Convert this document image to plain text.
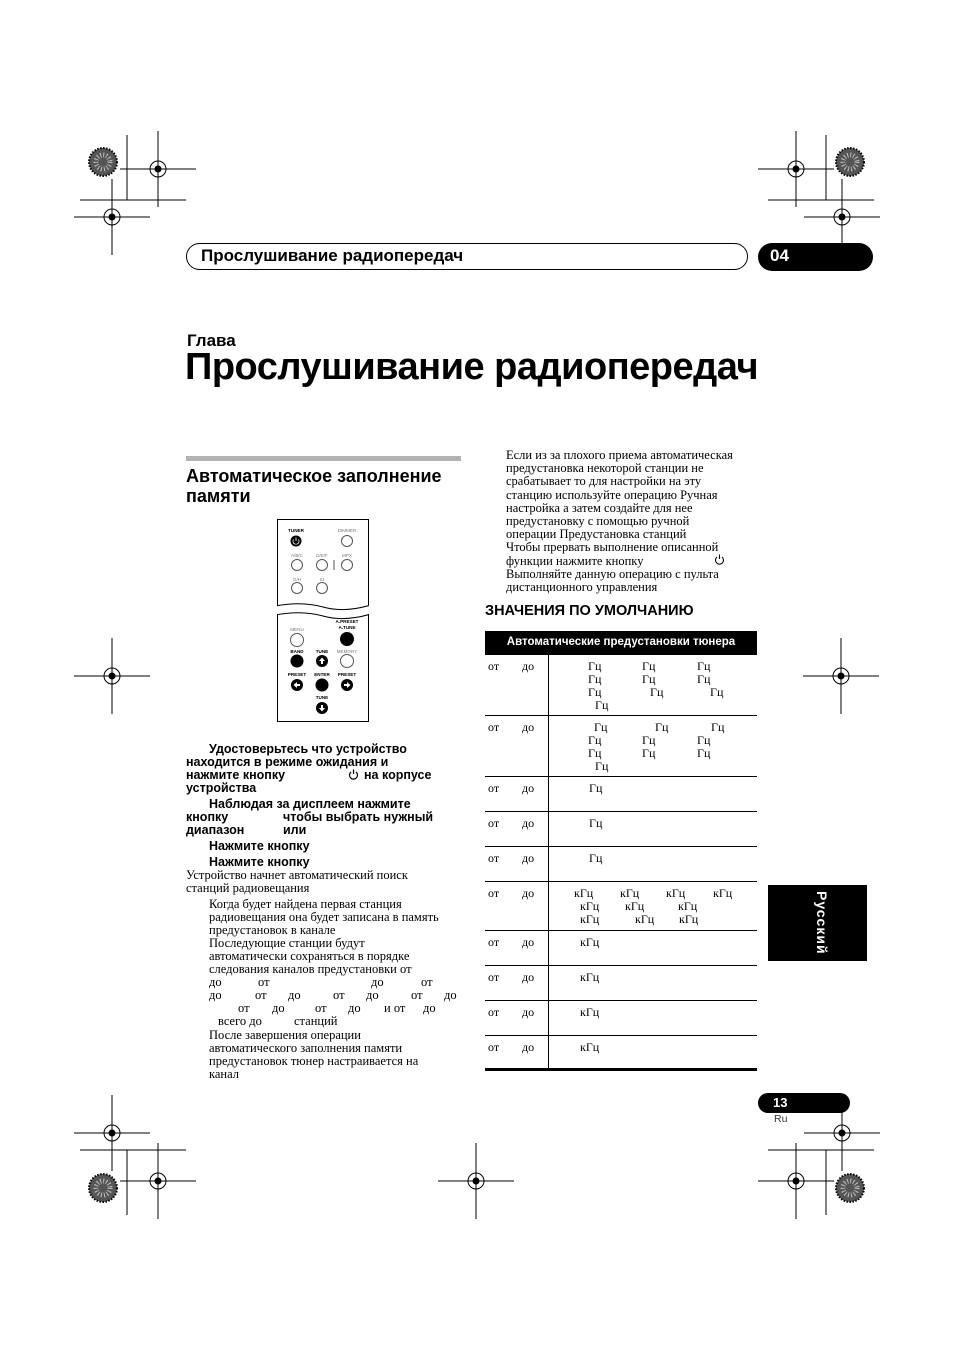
Прослушивание радиопередач	04
Глава
Прослушивание радиопередач
Автоматическое заполнение
памяти
TUNER	DIMMER
A/B/C	D/E/F	MPX
G/H	I/J
MENU
A.PRESET
A.TUNE
BAND	TUNE MEMORY
PRESET ENTER PRESET
TUNE
Удостоверьтесь что устройство
находится в режиме ожидания и
нажмите кнопку	на корпусе
устройства
Наблюдая за дисплеем нажмите
кнопку	чтобы выбрать нужный
диапазон	или
Нажмите кнопку
Нажмите кнопку
Устройство начнет автоматический поиск
станций радиовещания
Когда будет найдена первая станция
радиовещания она будет записана в память
предустановок в канале
Последующие станции будут
автоматически сохраняться в порядке
следования каналов предустановки от
до	от	до	от
до	от до	от до	от до
от до от до и от до
всего до	станций
После завершения операции
автоматического заполнения памяти
предустановок тюнер настраивается на
канал
Если из за плохого приема автоматическая
предустановка некоторой станции не
срабатывает то для настройки на эту
станцию используйте операцию Ручная
настройка а затем создайте для нее
предустановку с помощью ручной
операции Предустановка станций
Чтобы прервать выполнение описанной
функции нажмите кнопку
Выполняйте данную операцию с пульта
дистанционного управления
ЗНАЧЕНИЯ ПО УМОЛЧАНИЮ
Автоматические предустановки тюнера
от до	Гц	Гц	Гц
Гц	Гц	Гц
Гц	Гц	Гц
Гц
от до	Гц	Гц	Гц
Гц	Гц	Гц
Гц	Гц	Гц
Гц
от до	Гц
от до	Гц
от до	Гц
от до	кГц кГц кГц кГц
кГц кГц	кГц
кГц	кГц кГц
от до	кГц
от до	кГц
от до	кГц
от до	кГц
Русский
13
Ru
